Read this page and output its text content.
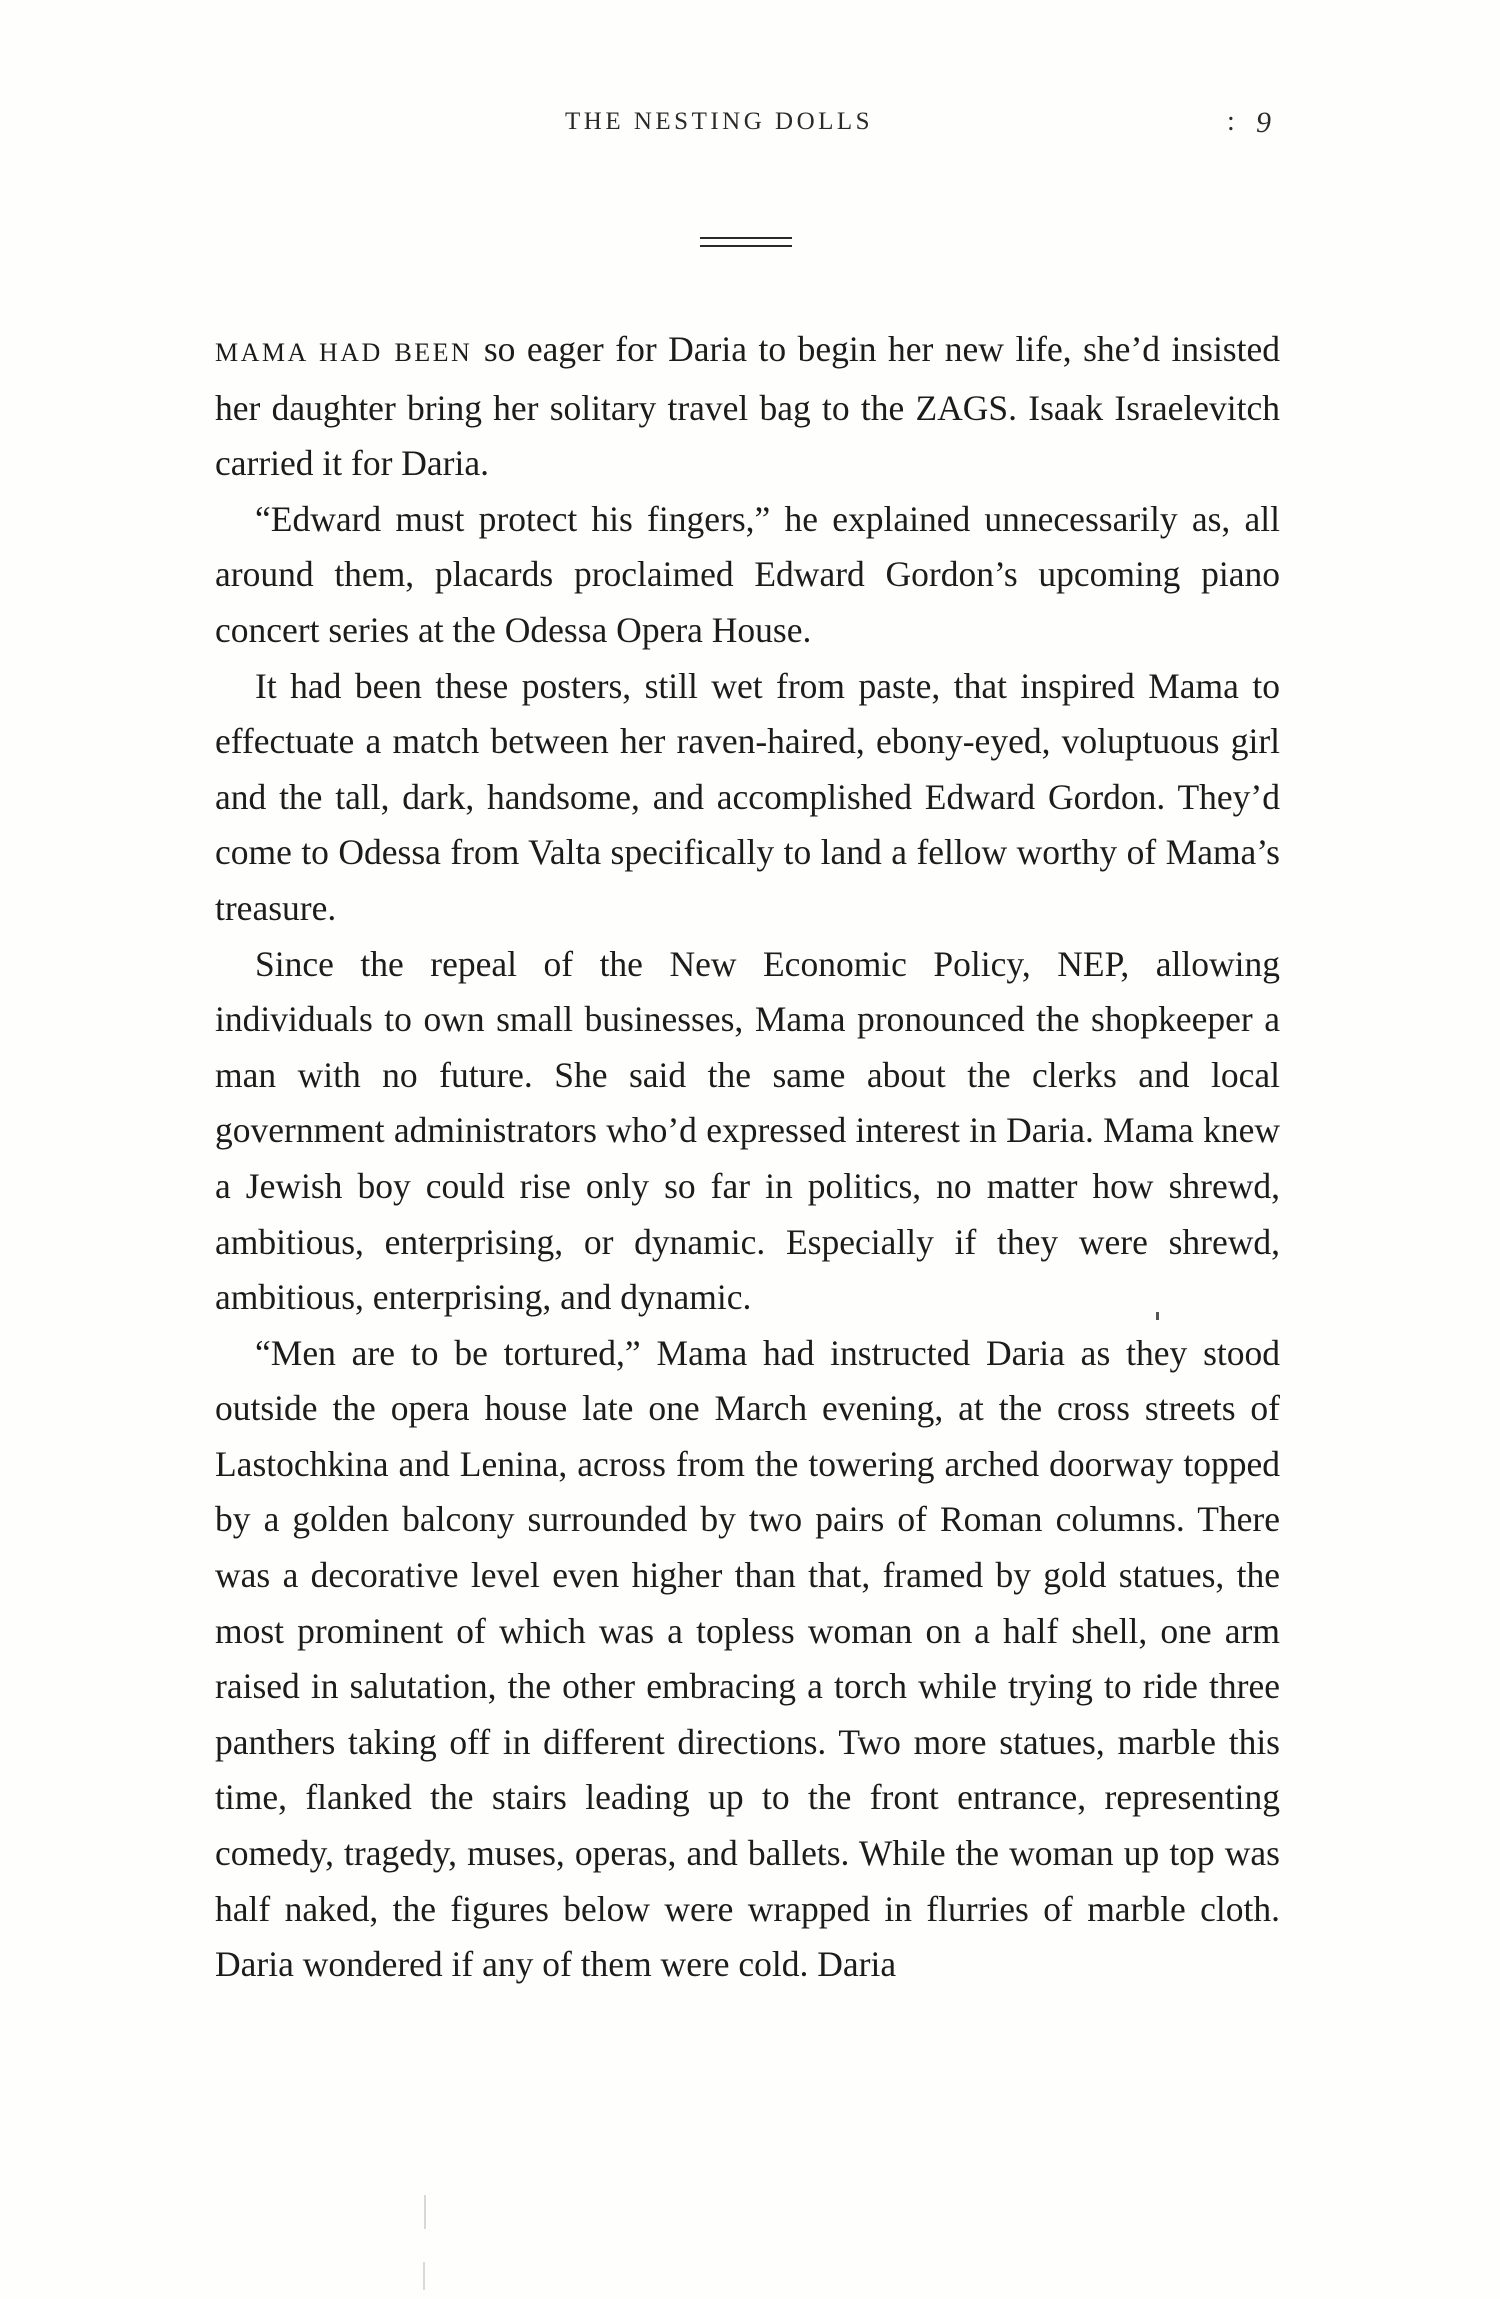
THE NESTING DOLLS	: 9

MAMA HAD BEEN so eager for Daria to begin her new life, she’d insisted her daughter bring her solitary travel bag to the ZAGS. Isaak Israelevitch carried it for Daria.

“Edward must protect his fingers,” he explained unnecessarily as, all around them, placards proclaimed Edward Gordon’s upcoming piano concert series at the Odessa Opera House.

It had been these posters, still wet from paste, that inspired Mama to effectuate a match between her raven-haired, ebony-eyed, voluptuous girl and the tall, dark, handsome, and accomplished Edward Gordon. They’d come to Odessa from Valta specifically to land a fellow worthy of Mama’s treasure.

Since the repeal of the New Economic Policy, NEP, allowing individuals to own small businesses, Mama pronounced the shopkeeper a man with no future. She said the same about the clerks and local government administrators who’d expressed interest in Daria. Mama knew a Jewish boy could rise only so far in politics, no matter how shrewd, ambitious, enterprising, or dynamic. Especially if they were shrewd, ambitious, enterprising, and dynamic.

“Men are to be tortured,” Mama had instructed Daria as they stood outside the opera house late one March evening, at the cross streets of Lastochkina and Lenina, across from the towering arched doorway topped by a golden balcony surrounded by two pairs of Roman columns. There was a decorative level even higher than that, framed by gold statues, the most prominent of which was a topless woman on a half shell, one arm raised in salutation, the other embracing a torch while trying to ride three panthers taking off in different directions. Two more statues, marble this time, flanked the stairs leading up to the front entrance, representing comedy, tragedy, muses, operas, and ballets. While the woman up top was half naked, the figures below were wrapped in flurries of marble cloth. Daria wondered if any of them were cold. Daria
